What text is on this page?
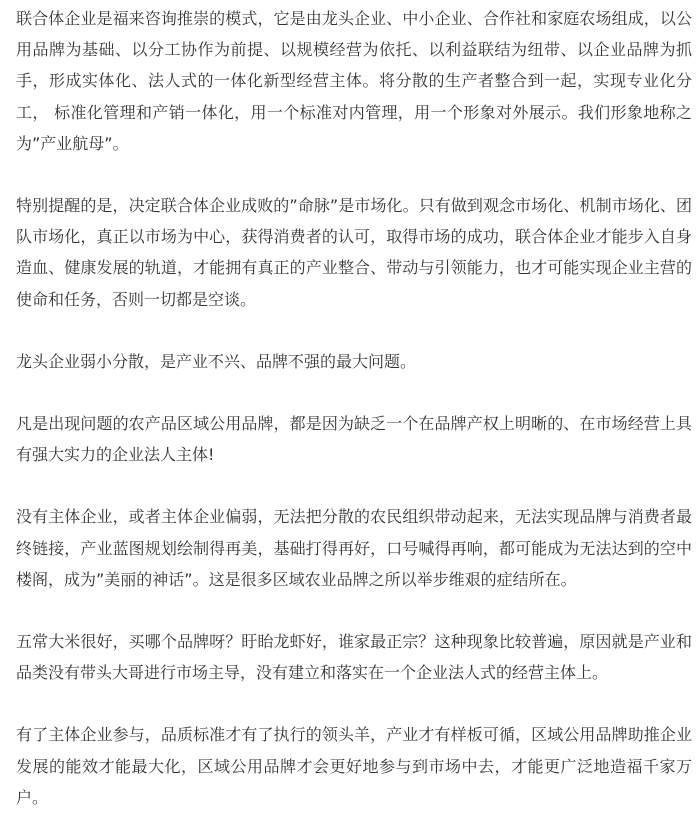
联合体企业是福来咨询推崇的模式，它是由龙头企业、中小企业、合作社和家庭农场组成，以公用品牌为基础、以分工协作为前提、以规模经营为依托、以利益联结为纽带、以企业品牌为抓手，形成实体化、法人式的一体化新型经营主体。将分散的生产者整合到一起，实现专业化分工， 标准化管理和产销一体化，用一个标准对内管理，用一个形象对外展示。我们形象地称之为”产业航母”。

特别提醒的是，决定联合体企业成败的”命脉”是市场化。只有做到观念市场化、机制市场化、团队市场化，真正以市场为中心，获得消费者的认可，取得市场的成功，联合体企业才能步入自身造血、健康发展的轨道，才能拥有真正的产业整合、带动与引领能力，也才可能实现企业主营的使命和任务，否则一切都是空谈。

龙头企业弱小分散，是产业不兴、品牌不强的最大问题。

凡是出现问题的农产品区域公用品牌，都是因为缺乏一个在品牌产权上明晰的、在市场经营上具有强大实力的企业法人主体!

没有主体企业，或者主体企业偏弱，无法把分散的农民组织带动起来，无法实现品牌与消费者最终链接，产业蓝图规划绘制得再美，基础打得再好，口号喊得再响，都可能成为无法达到的空中楼阁，成为”美丽的神话”。这是很多区域农业品牌之所以举步维艰的症结所在。

五常大米很好，买哪个品牌呀？盱眙龙虾好，谁家最正宗？这种现象比较普遍，原因就是产业和品类没有带头大哥进行市场主导，没有建立和落实在一个企业法人式的经营主体上。

有了主体企业参与，品质标准才有了执行的领头羊，产业才有样板可循，区域公用品牌助推企业发展的能效才能最大化，区域公用品牌才会更好地参与到市场中去，才能更广泛地造福千家万户。
